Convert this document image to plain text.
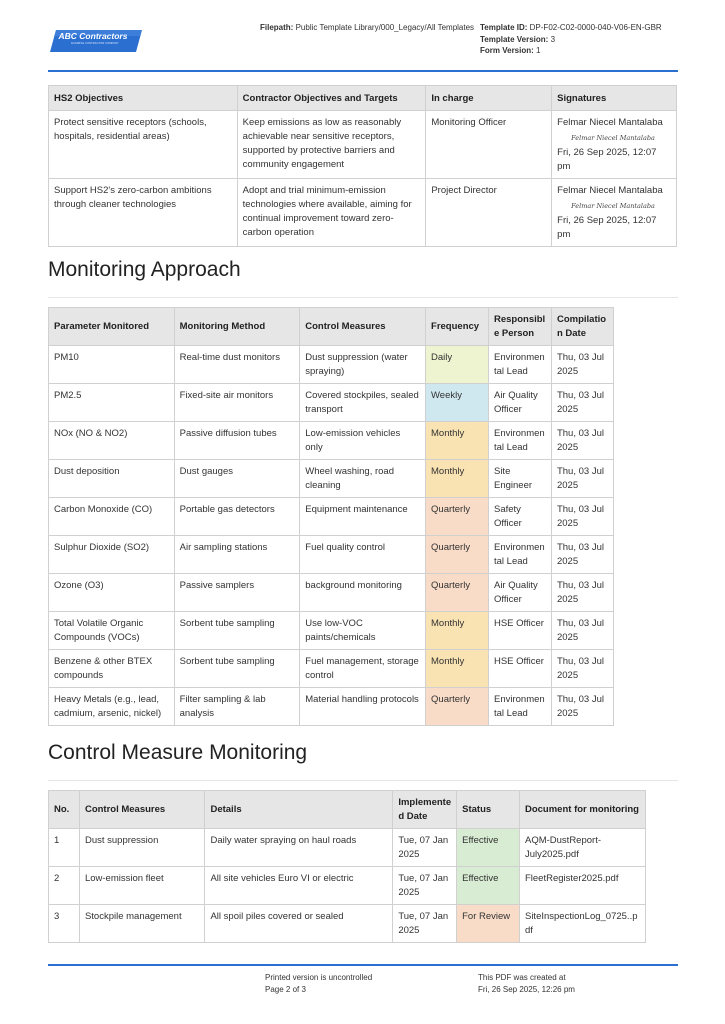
ABC Contractors
EXAMPLE CONTRACTOR COMPANY
Filepath: Public Template Library/000_Legacy/All Templates Template ID: DP-F02-C02-0000-040-V06-EN-GBR
Template Version: 3
Form Version: 1
HS2 Objectives	Contractor Objectives and Targets	In charge	Signatures
Protect sensitive receptors (schools, hospitals, residential areas)	Keep emissions as low as reasonably achievable near sensitive receptors, supported by protective barriers and community engagement	Monitoring Officer	Felmar Niecel Mantalaba
Felmar Niecel Mantalaba
Fri, 26 Sep 2025, 12:07 pm

Support HS2's zero-carbon ambitions through cleaner technologies	Adopt and trial minimum-emission technologies where available, aiming for continual improvement toward zero-carbon operation	Project Director	Felmar Niecel Mantalaba
Felmar Niecel Mantalaba
Fri, 26 Sep 2025, 12:07 pm
Monitoring Approach
Parameter Monitored	Monitoring Method	Control Measures	Frequency	Responsibl e Person	Compilatio n Date
PM10	Real-time dust monitors	Dust suppression (water spraying)	Daily	Environmen tal Lead	Thu, 03 Jul 2025
PM2.5	Fixed-site air monitors	Covered stockpiles, sealed transport	Weekly	Air Quality Officer	Thu, 03 Jul 2025
NOx (NO & NO2)	Passive diffusion tubes	Low-emission vehicles only	Monthly	Environmen tal Lead	Thu, 03 Jul 2025
Dust deposition	Dust gauges	Wheel washing, road cleaning	Monthly	Site Engineer	Thu, 03 Jul 2025
Carbon Monoxide (CO)	Portable gas detectors	Equipment maintenance	Quarterly	Safety Officer	Thu, 03 Jul 2025
Sulphur Dioxide (SO2)	Air sampling stations	Fuel quality control	Quarterly	Environmen tal Lead	Thu, 03 Jul 2025
Ozone (O3)	Passive samplers	background monitoring	Quarterly	Air Quality Officer	Thu, 03 Jul 2025
Total Volatile Organic Compounds (VOCs)	Sorbent tube sampling	Use low-VOC paints/chemicals	Monthly	HSE Officer	Thu, 03 Jul 2025
Benzene & other BTEX compounds	Sorbent tube sampling	Fuel management, storage control	Monthly	HSE Officer	Thu, 03 Jul 2025
Heavy Metals (e.g., lead, cadmium, arsenic, nickel)	Filter sampling & lab analysis	Material handling protocols	Quarterly	Environmen tal Lead	Thu, 03 Jul 2025
Control Measure Monitoring
No.	Control Measures	Details	Implemente d Date	Status	Document for monitoring
1	Dust suppression	Daily water spraying on haul roads	Tue, 07 Jan 2025	Effective	AQM-DustReport-July2025.pdf
2	Low-emission fleet	All site vehicles Euro VI or electric	Tue, 07 Jan 2025	Effective	FleetRegister2025.pdf
3	Stockpile management	All spoil piles covered or sealed	Tue, 07 Jan 2025	For Review	SiteInspectionLog_0725..p df
Printed version is uncontrolled
Page 2 of 3
This PDF was created at
Fri, 26 Sep 2025, 12:26 pm
